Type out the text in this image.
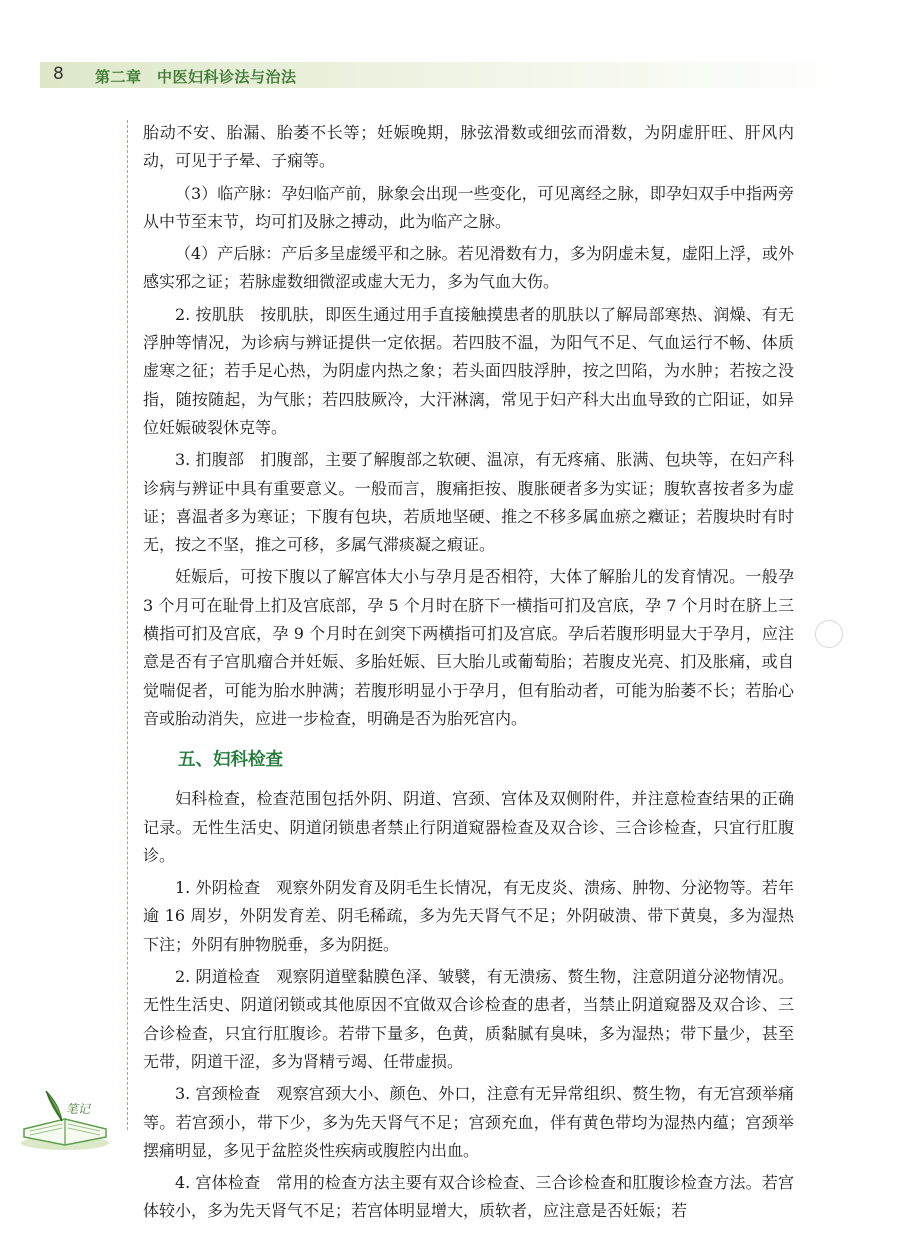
8 第二章　中医妇科诊法与治法

胎动不安、胎漏、胎萎不长等；妊娠晚期，脉弦滑数或细弦而滑数，为阴虚肝旺、肝风内动，可见于子晕、子痫等。

（3）临产脉：孕妇临产前，脉象会出现一些变化，可见离经之脉，即孕妇双手中指两旁从中节至末节，均可扪及脉之搏动，此为临产之脉。

（4）产后脉：产后多呈虚缓平和之脉。若见滑数有力，多为阴虚未复，虚阳上浮，或外感实邪之证；若脉虚数细微涩或虚大无力，多为气血大伤。

2. 按肌肤　按肌肤，即医生通过用手直接触摸患者的肌肤以了解局部寒热、润燥、有无浮肿等情况，为诊病与辨证提供一定依据。若四肢不温，为阳气不足、气血运行不畅、体质虚寒之征；若手足心热，为阴虚内热之象；若头面四肢浮肿，按之凹陷，为水肿；若按之没指，随按随起，为气胀；若四肢厥冷，大汗淋漓，常见于妇产科大出血导致的亡阳证，如异位妊娠破裂休克等。

3. 扪腹部　扪腹部，主要了解腹部之软硬、温凉，有无疼痛、胀满、包块等，在妇产科诊病与辨证中具有重要意义。一般而言，腹痛拒按、腹胀硬者多为实证；腹软喜按者多为虚证；喜温者多为寒证；下腹有包块，若质地坚硬、推之不移多属血瘀之癥证；若腹块时有时无，按之不坚，推之可移，多属气滞痰凝之瘕证。

妊娠后，可按下腹以了解宫体大小与孕月是否相符，大体了解胎儿的发育情况。一般孕 3 个月可在耻骨上扪及宫底部，孕 5 个月时在脐下一横指可扪及宫底，孕 7 个月时在脐上三横指可扪及宫底，孕 9 个月时在剑突下两横指可扪及宫底。孕后若腹形明显大于孕月，应注意是否有子宫肌瘤合并妊娠、多胎妊娠、巨大胎儿或葡萄胎；若腹皮光亮、扪及胀痛，或自觉喘促者，可能为胎水肿满；若腹形明显小于孕月，但有胎动者，可能为胎萎不长；若胎心音或胎动消失，应进一步检查，明确是否为胎死宫内。

五、妇科检查

妇科检查，检查范围包括外阴、阴道、宫颈、宫体及双侧附件，并注意检查结果的正确记录。无性生活史、阴道闭锁患者禁止行阴道窥器检查及双合诊、三合诊检查，只宜行肛腹诊。

1. 外阴检查　观察外阴发育及阴毛生长情况，有无皮炎、溃疡、肿物、分泌物等。若年逾 16 周岁，外阴发育差、阴毛稀疏，多为先天肾气不足；外阴破溃、带下黄臭，多为湿热下注；外阴有肿物脱垂，多为阴挺。

2. 阴道检查　观察阴道壁黏膜色泽、皱襞，有无溃疡、赘生物，注意阴道分泌物情况。无性生活史、阴道闭锁或其他原因不宜做双合诊检查的患者，当禁止阴道窥器及双合诊、三合诊检查，只宜行肛腹诊。若带下量多，色黄，质黏腻有臭味，多为湿热；带下量少，甚至无带，阴道干涩，多为肾精亏竭、任带虚损。

3. 宫颈检查　观察宫颈大小、颜色、外口，注意有无异常组织、赘生物，有无宫颈举痛等。若宫颈小，带下少，多为先天肾气不足；宫颈充血，伴有黄色带均为湿热内蕴；宫颈举摆痛明显，多见于盆腔炎性疾病或腹腔内出血。

4. 宫体检查　常用的检查方法主要有双合诊检查、三合诊检查和肛腹诊检查方法。若宫体较小，多为先天肾气不足；若宫体明显增大，质软者，应注意是否妊娠；若

笔记
